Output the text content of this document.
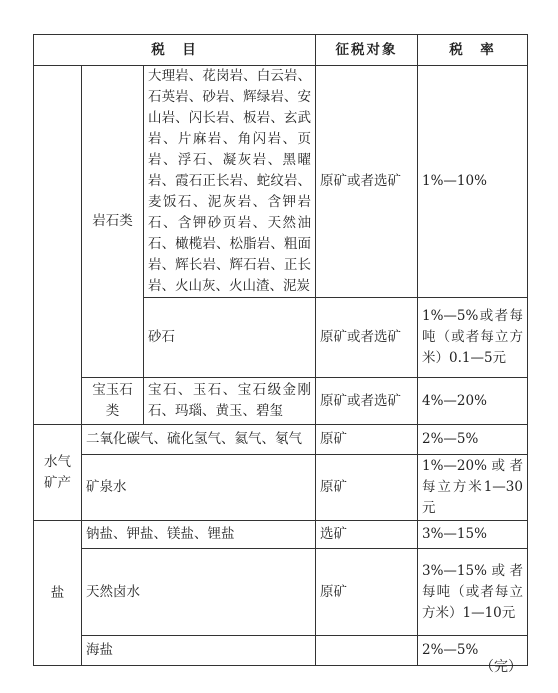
税　目			征税对象	税　率
	岩石类	大理岩、花岗岩、白云岩、石英岩、砂岩、辉绿岩、安山岩、闪长岩、板岩、玄武岩、片麻岩、角闪岩、页岩、浮石、凝灰岩、黑曜岩、霞石正长岩、蛇纹岩、麦饭石、泥灰岩、含钾岩石、含钾砂页岩、天然油石、橄榄岩、松脂岩、粗面岩、辉长岩、辉石岩、正长岩、火山灰、火山渣、泥炭	原矿或者选矿	1%—10%
		砂石	原矿或者选矿	1%—5%或者每吨（或者每立方米）0.1—5元
	宝玉石类	宝石、玉石、宝石级金刚石、玛瑙、黄玉、碧玺	原矿或者选矿	4%—20%
水气矿产	二氧化碳气、硫化氢气、氦气、氡气		原矿	2%—5%
	矿泉水		原矿	1%—20%或者每立方米1—30元
盐	钠盐、钾盐、镁盐、锂盐		选矿	3%—15%
	天然卤水		原矿	3%—15%或者每吨（或者每立方米）1—10元
	海盐			2%—5%
（完）
